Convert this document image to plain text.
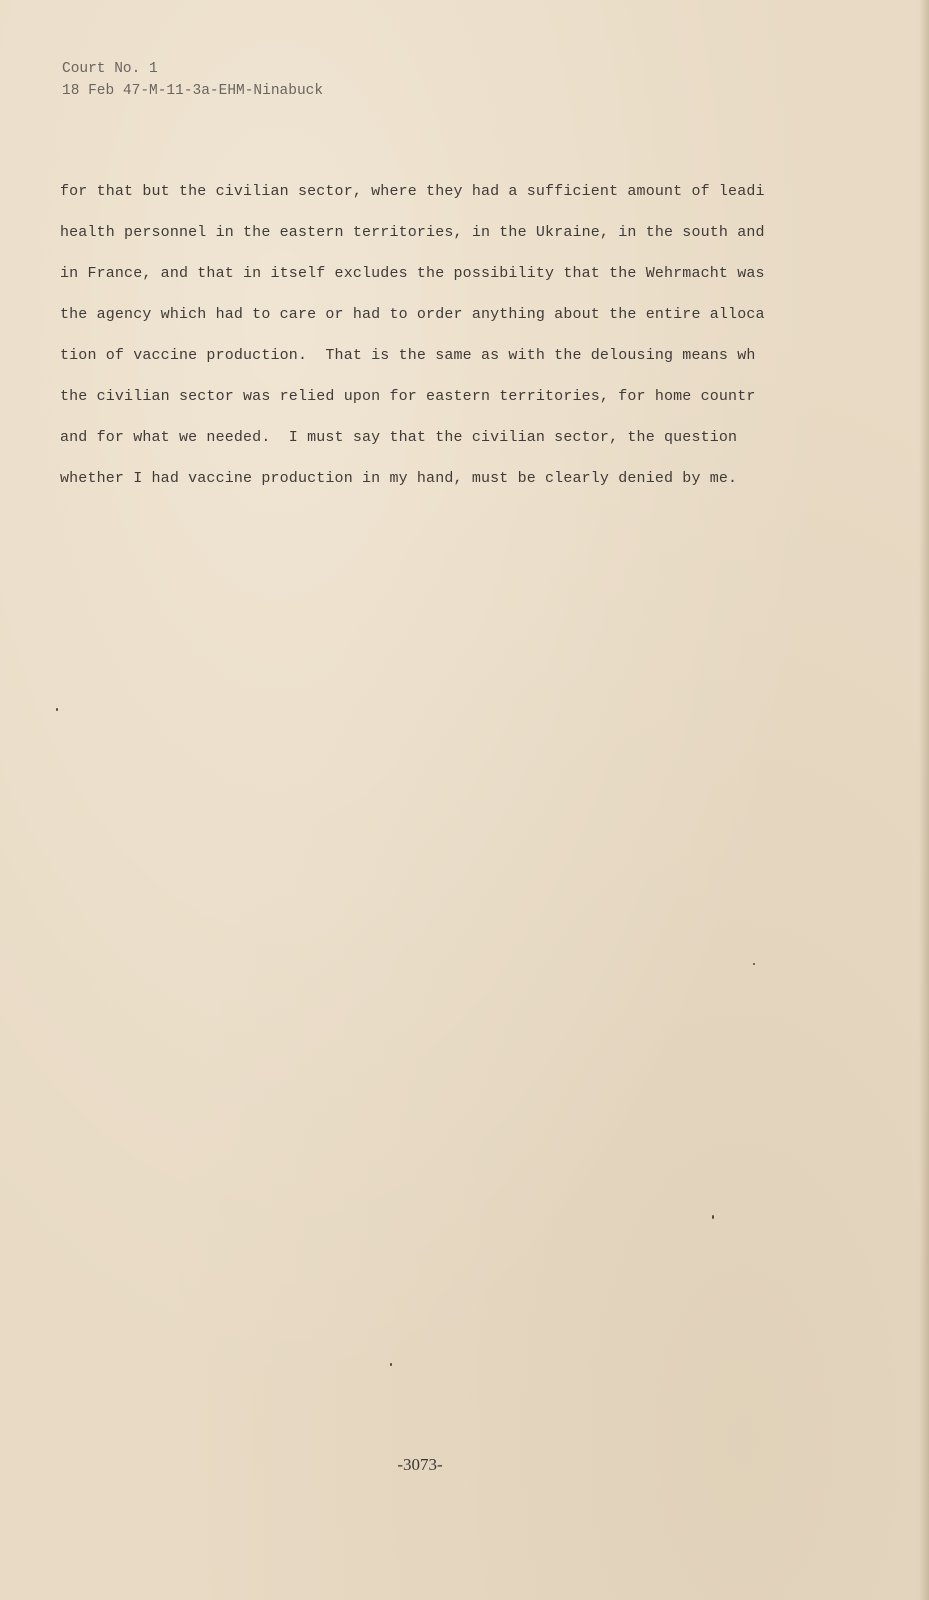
Court No. 1
18 Feb 47-M-11-3a-EHM-Ninabuck
for that but the civilian sector, where they had a sufficient amount of leadi
health personnel in the eastern territories, in the Ukraine, in the south and
in France, and that in itself excludes the possibility that the Wehrmacht was
the agency which had to care or had to order anything about the entire alloca
tion of vaccine production.  That is the same as with the delousing means wh
the civilian sector was relied upon for eastern territories, for home countr
and for what we needed.  I must say that the civilian sector, the question
whether I had vaccine production in my hand, must be clearly denied by me.
-3073-
